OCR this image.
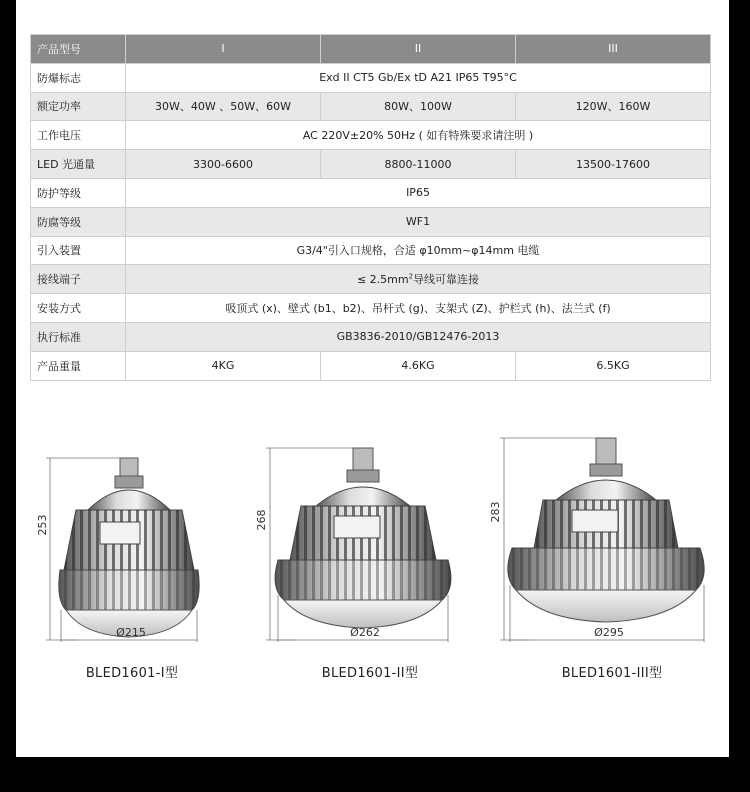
产品型号	I	II	III
防爆标志	Exd II CT5 Gb/Ex tD A21 IP65 T95°C		
额定功率	30W、40W 、50W、60W	80W、100W	120W、160W
工作电压	AC 220V±20% 50Hz ( 如有特殊要求请注明 )		
LED 光通量	3300-6600	8800-11000	13500-17600
防护等级	IP65		
防腐等级	WF1		
引入装置	G3/4"引入口规格，合适 φ10mm~φ14mm 电缆		
接线端子	≤ $2.5mm^2$导线可靠连接		
安装方式	吸顶式 (x)、壁式 (b1、b2)、吊杆式 (g)、支架式 (Z)、护栏式 (h)、法兰式 (f)		
执行标准	GB3836-2010/GB12476-2013		
产品重量	4KG	4.6KG	6.5KG
253
Ø215
268
Ø262
283
Ø295
BLED1601-I型	BLED1601-II型	BLED1601-III型
